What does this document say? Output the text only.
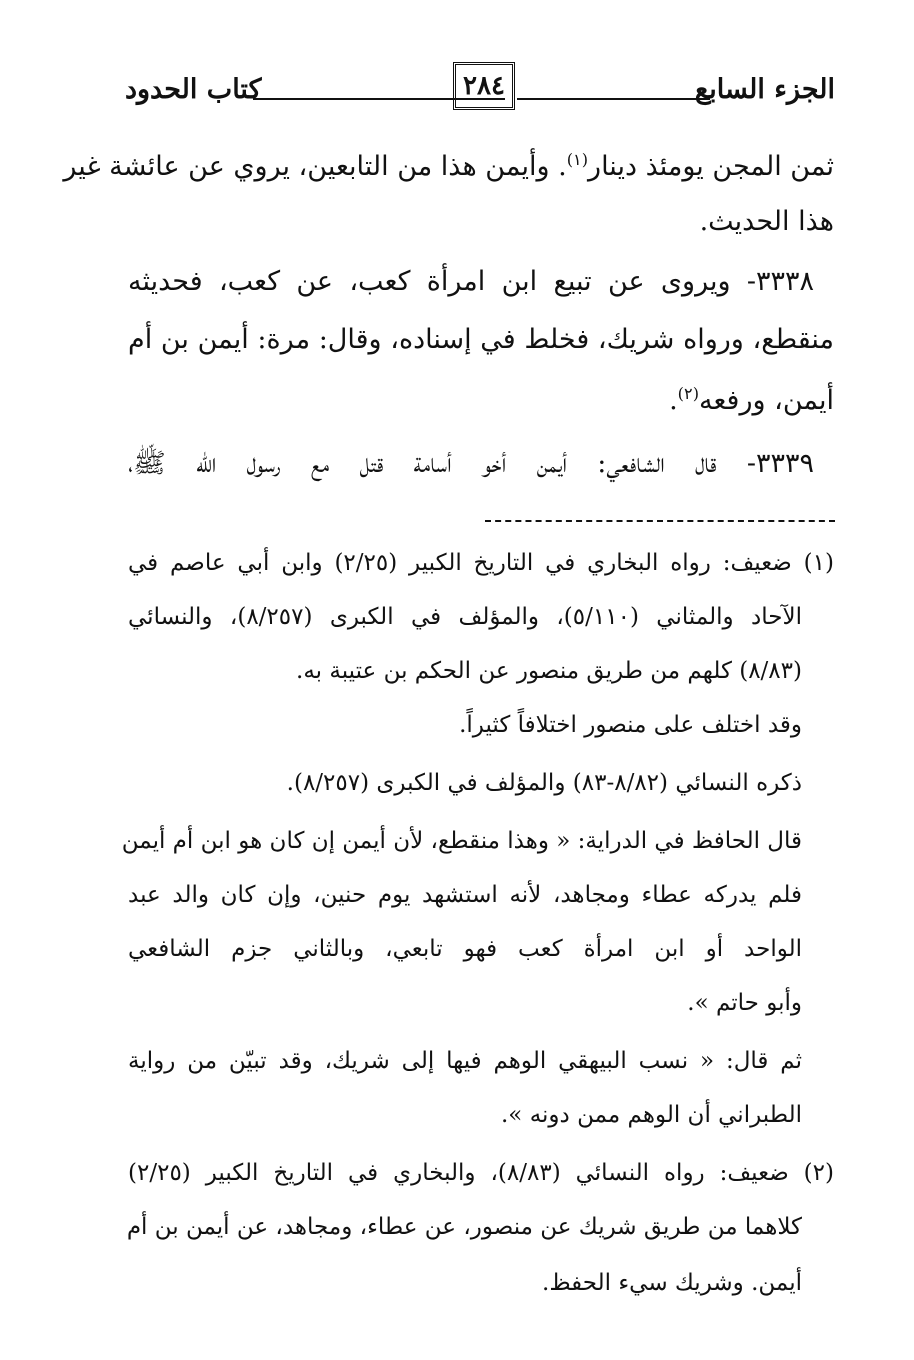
الجزء السابع
٢٨٤
كتاب الحدود
ثمن المجن يومئذ دينار$^{(١)}$. وأيمن هذا من التابعين، يروي عن عائشة غير
هذا الحديث.
٣٣٣٨- ويروى عن تبيع ابن امرأة كعب، عن كعب، فحديثه
منقطع، ورواه شريك، فخلط في إسناده، وقال: مرة: أيمن بن أم
أيمن، ورفعه$^{(٢)}$.
٣٣٣٩- قال الشافعي: أيمن أخو أسامة قتل مع رسول الله ﷺ،
(١) ضعيف: رواه البخاري في التاريخ الكبير (٢/٢٥) وابن أبي عاصم في
الآحاد والمثاني (٥/١١٠)، والمؤلف في الكبرى (٨/٢٥٧)، والنسائي
(٨/٨٣) كلهم من طريق منصور عن الحكم بن عتيبة به.
وقد اختلف على منصور اختلافاً كثيراً.
ذكره النسائي (٨/٨٢-٨٣) والمؤلف في الكبرى (٨/٢٥٧).
قال الحافظ في الدراية: « وهذا منقطع، لأن أيمن إن كان هو ابن أم أيمن
فلم يدركه عطاء ومجاهد، لأنه استشهد يوم حنين، وإن كان والد عبد
الواحد أو ابن امرأة كعب فهو تابعي، وبالثاني جزم الشافعي
وأبو حاتم ».
ثم قال: « نسب البيهقي الوهم فيها إلى شريك، وقد تبيّن من رواية
الطبراني أن الوهم ممن دونه ».
(٢) ضعيف: رواه النسائي (٨/٨٣)، والبخاري في التاريخ الكبير (٢/٢٥)
كلاهما من طريق شريك عن منصور، عن عطاء، ومجاهد، عن أيمن بن أم
أيمن. وشريك سيء الحفظ.
